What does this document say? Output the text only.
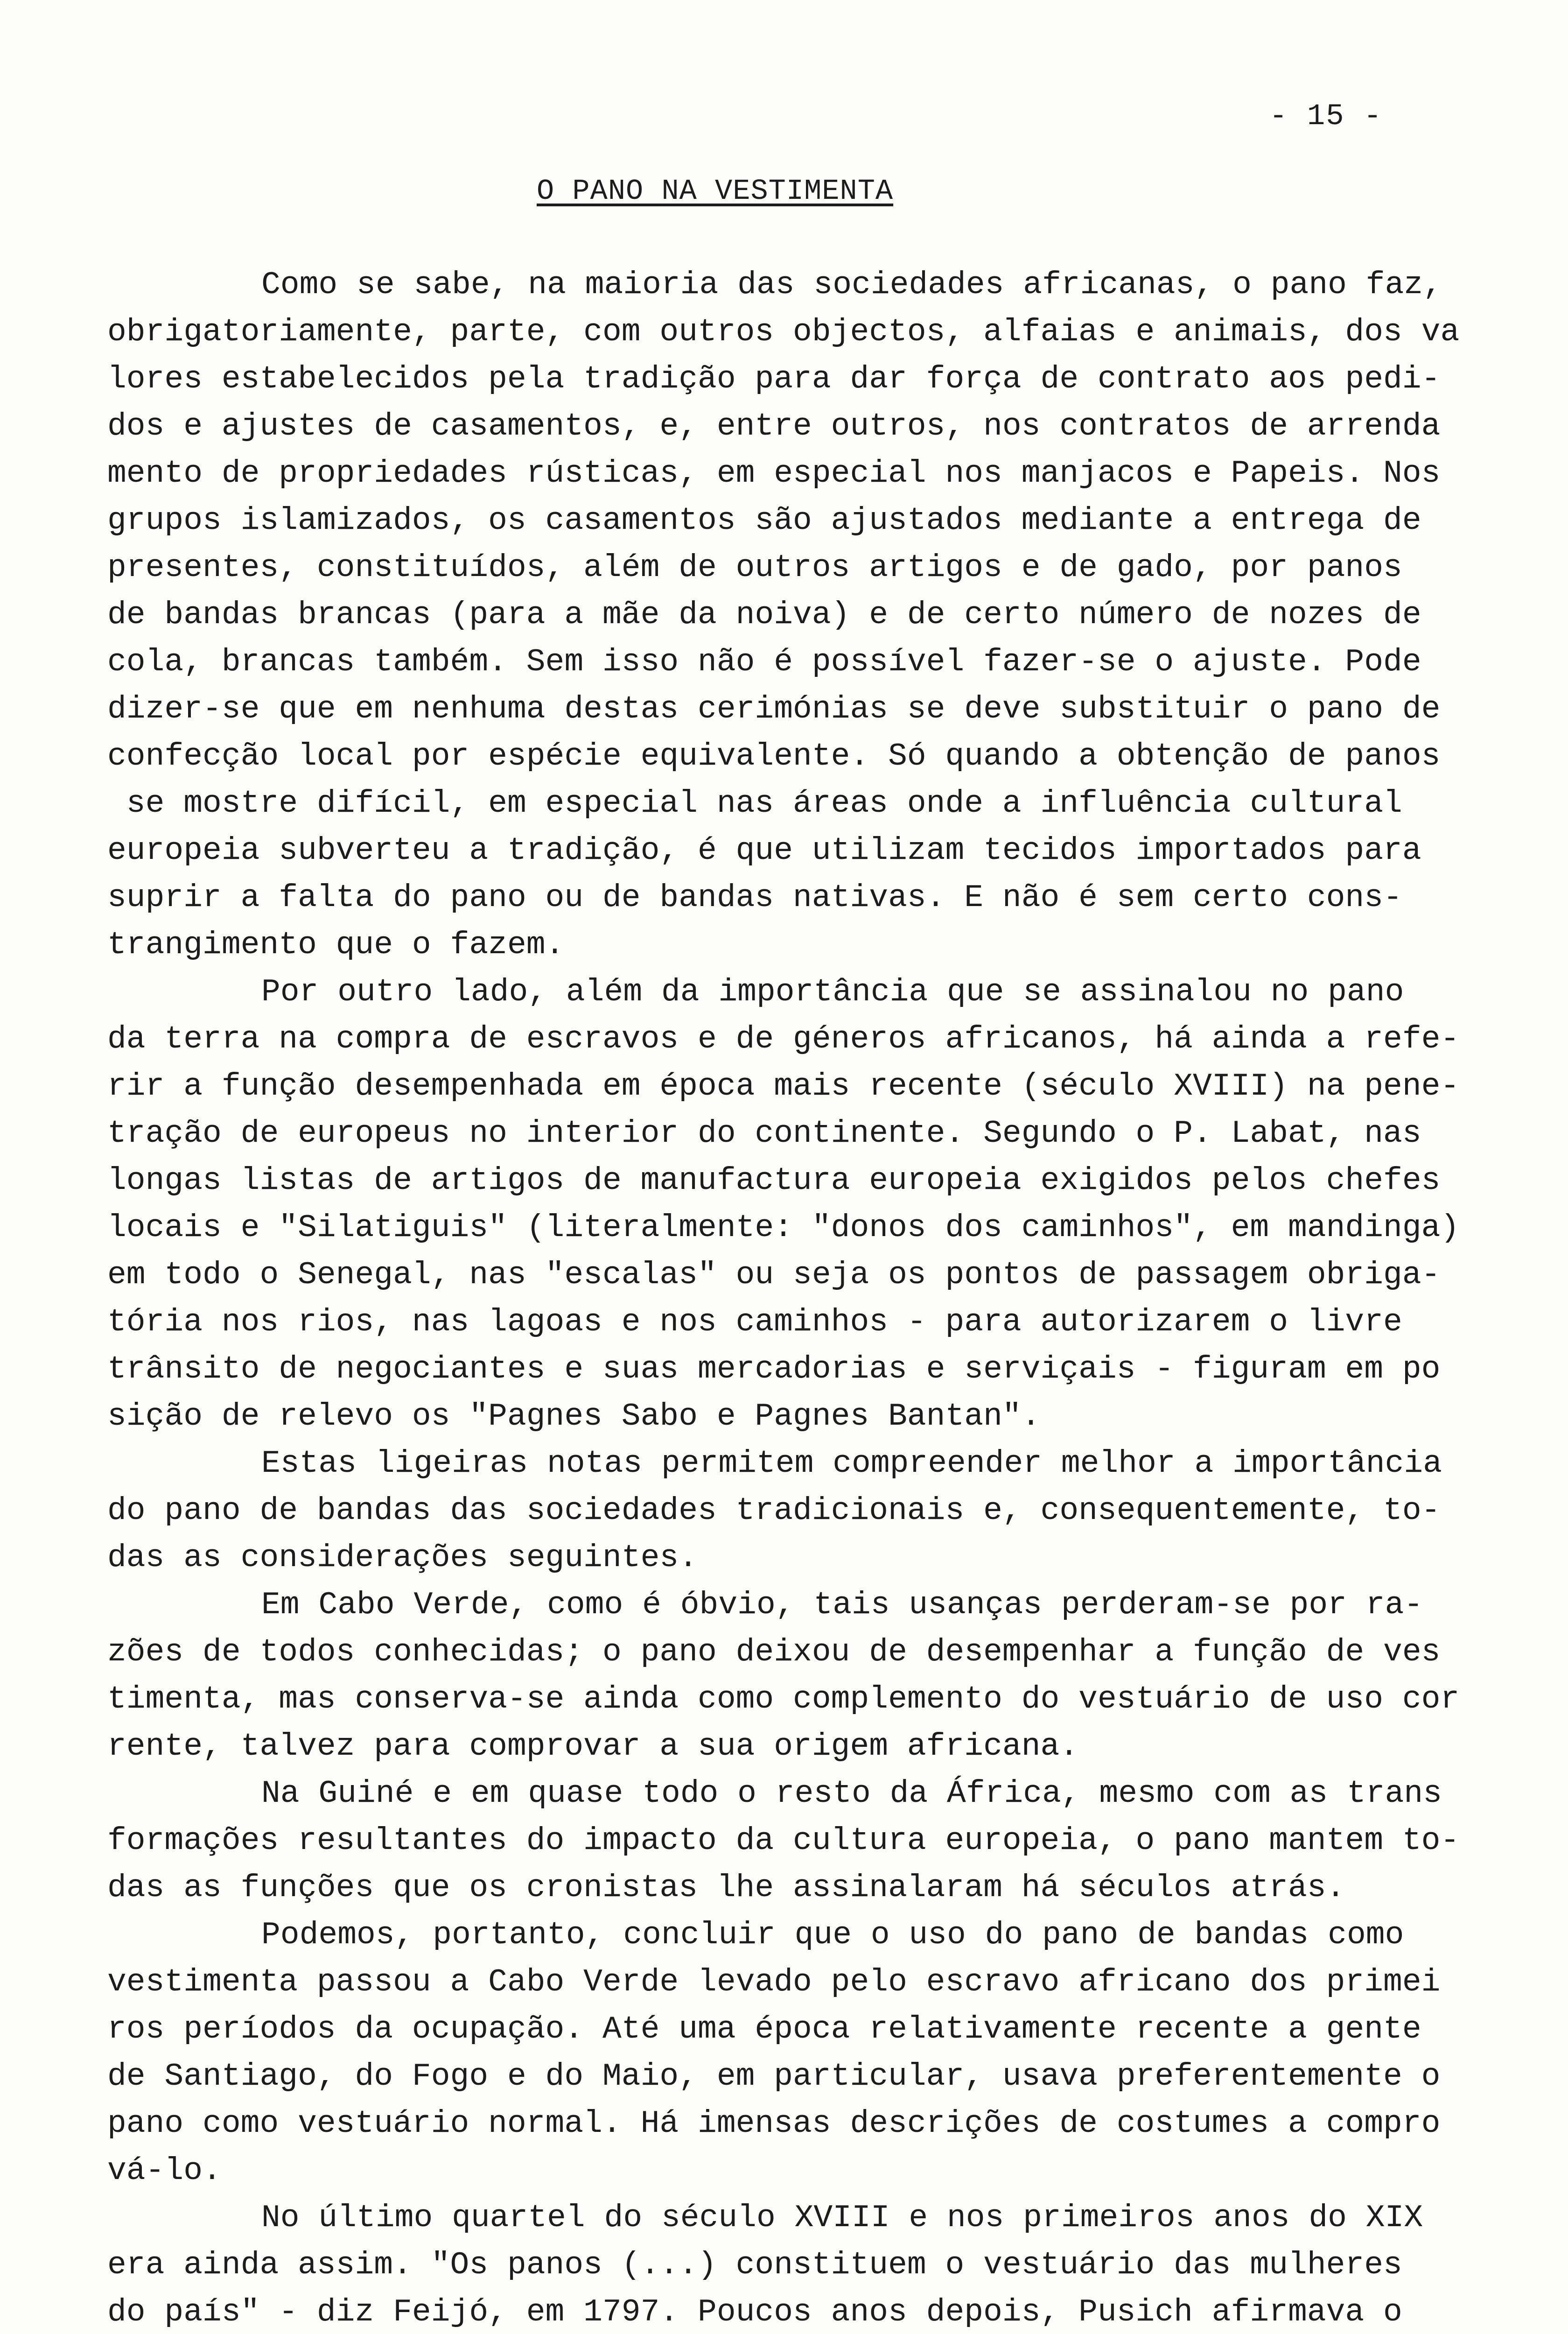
- 15 -
O PANO NA VESTIMENTA
Como se sabe, na maioria das sociedades africanas, o pano faz,
obrigatoriamente, parte, com outros objectos, alfaias e animais, dos va
lores estabelecidos pela tradição para dar força de contrato aos pedi-
dos e ajustes de casamentos, e, entre outros, nos contratos de arrenda
mento de propriedades rústicas, em especial nos manjacos e Papeis. Nos
grupos islamizados, os casamentos são ajustados mediante a entrega de
presentes, constituídos, além de outros artigos e de gado, por panos
de bandas brancas (para a mãe da noiva) e de certo número de nozes de
cola, brancas também. Sem isso não é possível fazer-se o ajuste. Pode
dizer-se que em nenhuma destas cerimónias se deve substituir o pano de
confecção local por espécie equivalente. Só quando a obtenção de panos
se mostre difícil, em especial nas áreas onde a influência cultural
europeia subverteu a tradição, é que utilizam tecidos importados para
suprir a falta do pano ou de bandas nativas. E não é sem certo cons-
trangimento que o fazem.
Por outro lado, além da importância que se assinalou no pano
da terra na compra de escravos e de géneros africanos, há ainda a refe-
rir a função desempenhada em época mais recente (século XVIII) na pene-
tração de europeus no interior do continente. Segundo o P. Labat, nas
longas listas de artigos de manufactura europeia exigidos pelos chefes
locais e "Silatiguis" (literalmente: "donos dos caminhos", em mandinga)
em todo o Senegal, nas "escalas" ou seja os pontos de passagem obriga-
tória nos rios, nas lagoas e nos caminhos - para autorizarem o livre
trânsito de negociantes e suas mercadorias e serviçais - figuram em po
sição de relevo os "Pagnes Sabo e Pagnes Bantan".
Estas ligeiras notas permitem compreender melhor a importância
do pano de bandas das sociedades tradicionais e, consequentemente, to-
das as considerações seguintes.
Em Cabo Verde, como é óbvio, tais usanças perderam-se por ra-
zões de todos conhecidas; o pano deixou de desempenhar a função de ves
timenta, mas conserva-se ainda como complemento do vestuário de uso cor
rente, talvez para comprovar a sua origem africana.
Na Guiné e em quase todo o resto da África, mesmo com as trans
formações resultantes do impacto da cultura europeia, o pano mantem to-
das as funções que os cronistas lhe assinalaram há séculos atrás.
Podemos, portanto, concluir que o uso do pano de bandas como
vestimenta passou a Cabo Verde levado pelo escravo africano dos primei
ros períodos da ocupação. Até uma época relativamente recente a gente
de Santiago, do Fogo e do Maio, em particular, usava preferentemente o
pano como vestuário normal. Há imensas descrições de costumes a compro
vá-lo.
No último quartel do século XVIII e nos primeiros anos do XIX
era ainda assim. "Os panos (...) constituem o vestuário das mulheres
do país" - diz Feijó, em 1797. Poucos anos depois, Pusich afirmava o
